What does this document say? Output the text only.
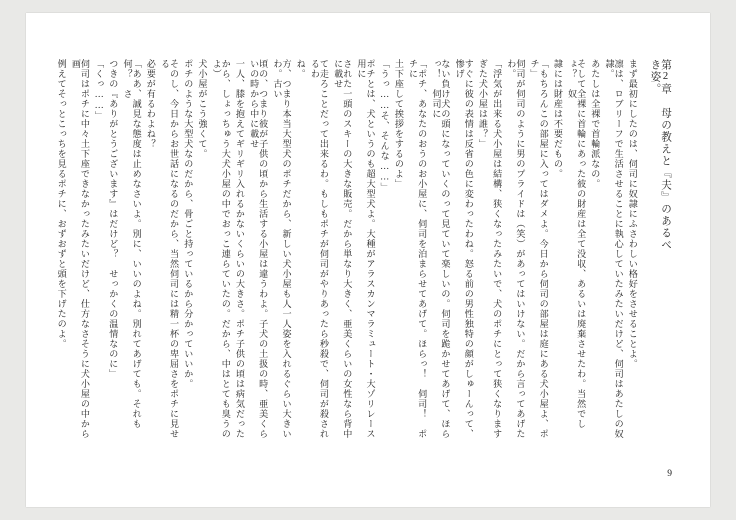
第2章　母の教えと『夫』のあるべき姿。
まず最初にしたのは、伺司に奴隷にふさわしい格好をさせることよ。
凛は、ロブリーフで生活させることに執心していたみたいだけど、伺司はあたしの奴隷。
あたしは全裸で首輪派なの。
そして全裸に首輪にあった彼の財産は全て没収、あるいは廃棄させたわ。当然でしょ？　奴
隷には財産は不要だもの。
「もちろんこの部屋に入ってはダメよ。今日から伺司の部屋は庭にある犬小屋よ、ポチ」
伺司が伺司のように男のプライドは（笑）があってはいけない。だから言ってあげたわ。
「浮気が出来る犬小屋は結構、狭くなったみたいで、犬のポチにとって狭くなります
ぎた犬小屋は誰？」
すぐに彼の表情は反省の色に変わったわね。怒る前の男性独特の顔がしゅーんって、惨げ
ない負け犬の頭になっていくのって見ていて楽しいの。伺司を跪かせてあげて、ほらっ！　伺司に
「ポチ、あなたのおうのお小屋に、伺司を泊まらせてあげて。ほらっ！　伺司！　ポチに
土下座して挨拶をするのよ」
「うっ……そ、そんな……」
ポチとは、犬というのも超大型犬よ。大種がアラスカンマラミュート・大ゾリレース用に
された一頭のスキーの大きな販売。だから単なり大きく、亜美くらいの女性なら背中に載せ
て走ろことだって出来るわ。もしもポチが伺司がやりあったら秒殺で、伺司が殺されるわ
ね。
方、つまり本当大型犬のポチだから、新しい犬小屋も人一人姿を入れるぐらい大きいわ。古い
頃の、つまり彼が子供の頃から生活する小屋は違うわよ。子犬の土扱の時、亜美くらいの時から中に載せ
一人、膝を抱えてギリギリ入れるかないくらいの大きさ。ポチ子供の頃は病気だった
から、しょっちゅう大犬小屋の中でおっこ連らていたの。だから、中はとても臭うのよ）
犬小屋がこう強くて。
ポチのような大型犬なのだから、骨ごと持っているから分かっていいか。
そのし、今日からお世話になるのだから、当然伺司には精一杯の卑屈さをポチに見せる
必要が有るわよね？
「ああ、誠見な態度は止めなさいよ。別に、いいのよね。別れてあげても。それも何？　さ
つきの『ありがとうございます』はだけど？　せっかくの温情なのに」
「くっ……」
伺司はポチに中々土下座できなかったみたいだけど、仕方なさそうに犬小屋の中から画
例えてそっとこっちを見るポチに、おずおずと頭を下げたのよ。
9
